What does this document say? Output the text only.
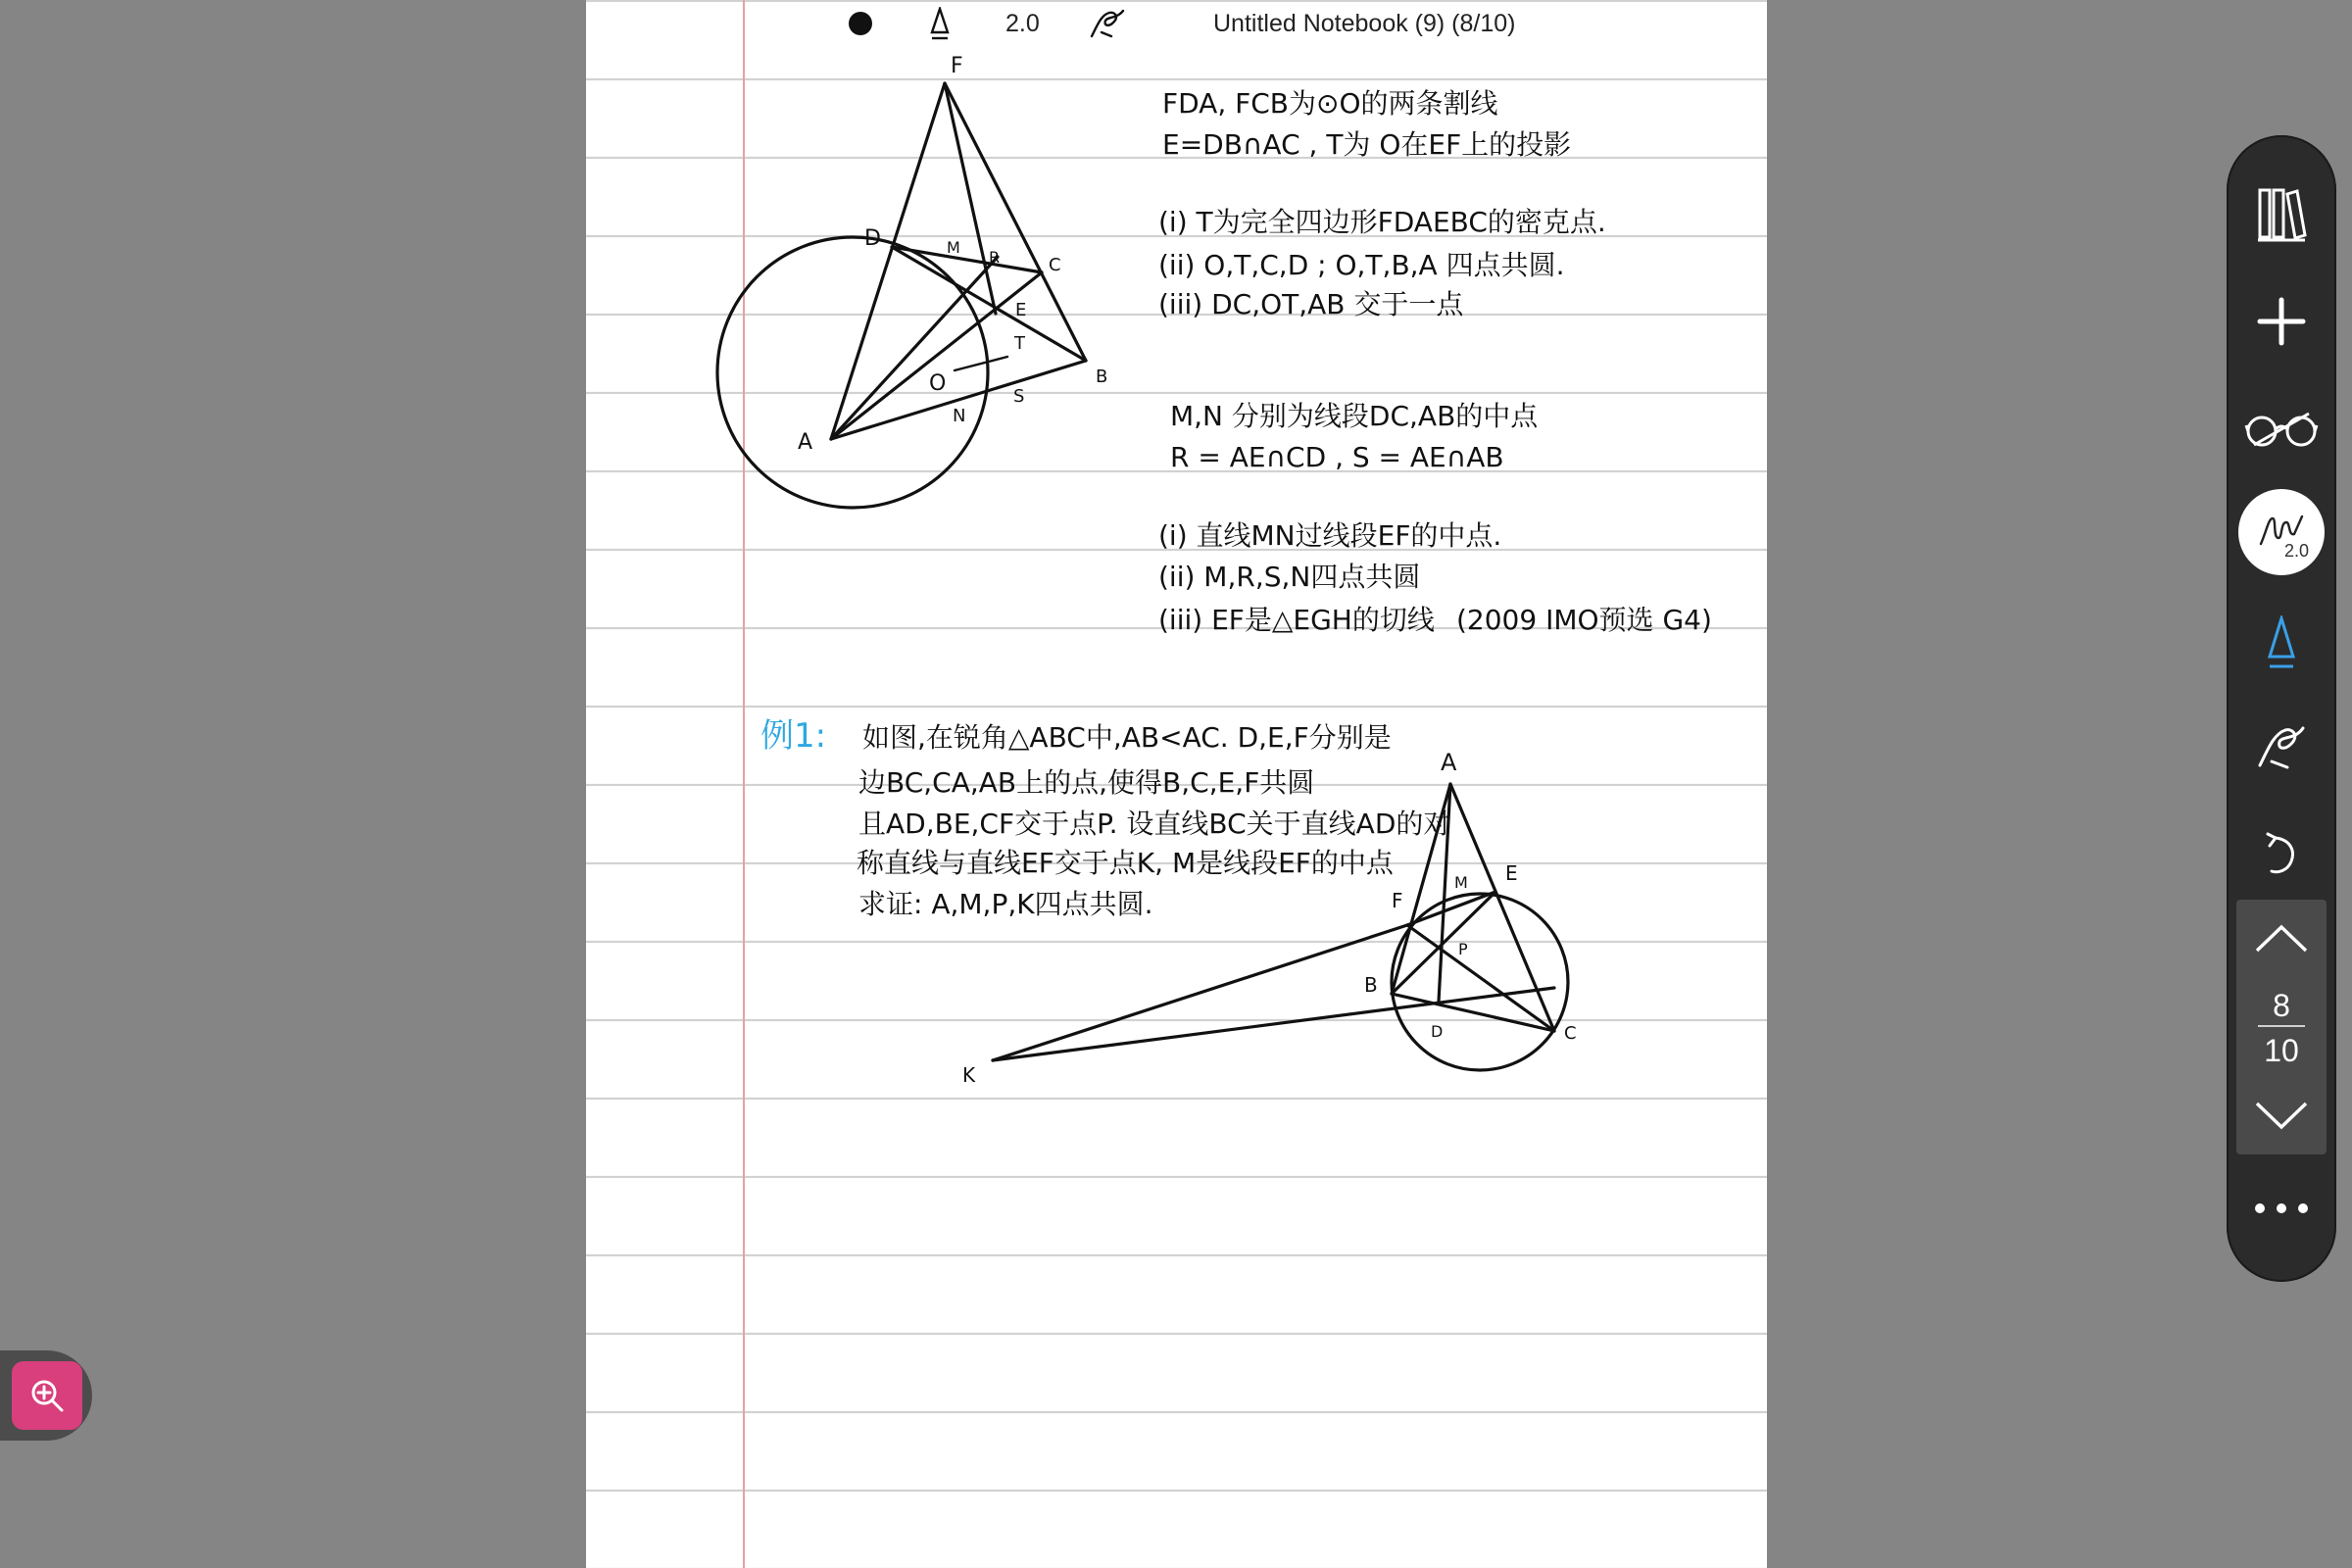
F
D	M
R	C
E
T
O	B
S
N
A
FDA, FCB为⊙O的两条割线
E=DB∩AC , T为 O在EF上的投影
(i) T为完全四边形FDAEBC的密克点.
(ii) O,T,C,D ; O,T,B,A 四点共圆.
(iii) DC,OT,AB 交于一点
M,N 分别为线段DC,AB的中点
R = AE∩CD , S = AE∩AB
(i) 直线MN过线段EF的中点.
(ii) M,R,S,N四点共圆
(iii) EF是△EGH的切线 (2009 IMO预选 G4)
例1: 如图,在锐角△ABC中,AB<AC. D,E,F分别是
边BC,CA,AB上的点,使得B,C,E,F共圆
且AD,BE,CF交于点P. 设直线BC关于直线AD的对
称直线与直线EF交于点K, M是线段EF的中点
求证: A,M,P,K四点共圆.
A
M E
F
P
B
D	C
K
2.0	Untitled Notebook (9) (8/10)
2.0
8
10
